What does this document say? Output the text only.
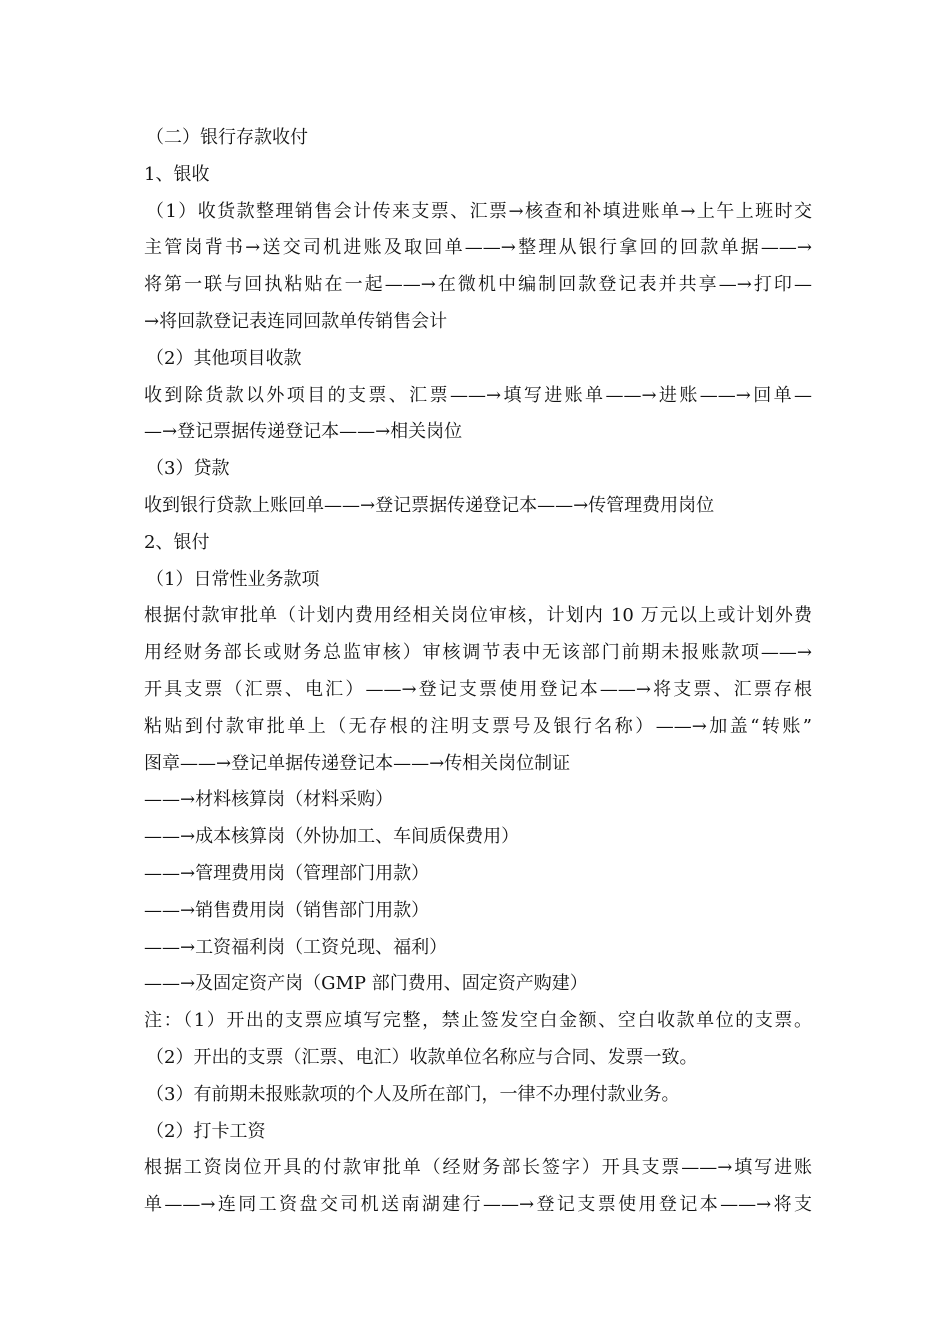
（二）银行存款收付
1、银收
（1）收货款整理销售会计传来支票、汇票→核查和补填进账单→上午上班时交
主管岗背书→送交司机进账及取回单——→整理从银行拿回的回款单据——→
将第一联与回执粘贴在一起——→在微机中编制回款登记表并共享—→打印—
→将回款登记表连同回款单传销售会计
（2）其他项目收款
收到除货款以外项目的支票、汇票——→填写进账单——→进账——→回单—
—→登记票据传递登记本——→相关岗位
（3）贷款
收到银行贷款上账回单——→登记票据传递登记本——→传管理费用岗位
2、银付
（1）日常性业务款项
根据付款审批单（计划内费用经相关岗位审核，计划内 10 万元以上或计划外费
用经财务部长或财务总监审核）审核调节表中无该部门前期未报账款项——→
开具支票（汇票、电汇）——→登记支票使用登记本——→将支票、汇票存根
粘贴到付款审批单上（无存根的注明支票号及银行名称）——→加盖“转账”
图章——→登记单据传递登记本——→传相关岗位制证
——→材料核算岗（材料采购）
——→成本核算岗（外协加工、车间质保费用）
——→管理费用岗（管理部门用款）
——→销售费用岗（销售部门用款）
——→工资福利岗（工资兑现、福利）
——→及固定资产岗（GMP 部门费用、固定资产购建）
注：（1）开出的支票应填写完整，禁止签发空白金额、空白收款单位的支票。
（2）开出的支票（汇票、电汇）收款单位名称应与合同、发票一致。
（3）有前期未报账款项的个人及所在部门，一律不办理付款业务。
（2）打卡工资
根据工资岗位开具的付款审批单（经财务部长签字）开具支票——→填写进账
单——→连同工资盘交司机送南湖建行——→登记支票使用登记本——→将支
